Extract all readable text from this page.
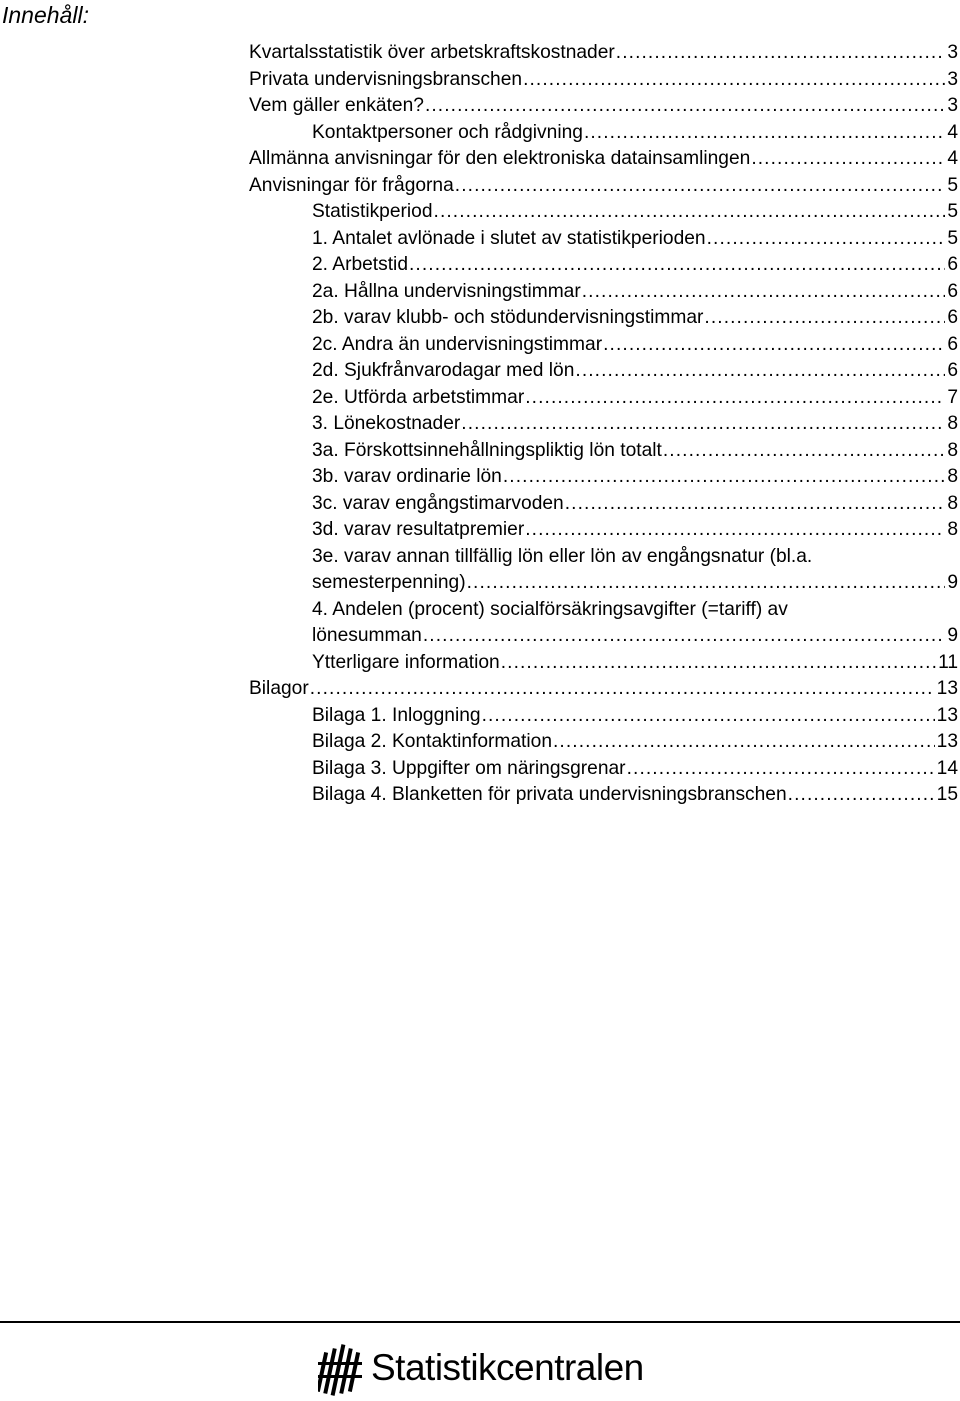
Innehåll:
Kvartalsstatistik över arbetskraftskostnader .....	3
Privata undervisningsbranschen .....	3
Vem gäller enkäten? .....	3
Kontaktpersoner och rådgivning .....	4
Allmänna anvisningar för den elektroniska datainsamlingen .....	4
Anvisningar för frågorna .....	5
Statistikperiod .....	5
1. Antalet avlönade i slutet av statistikperioden .....	5
2. Arbetstid .....	6
2a. Hållna undervisningstimmar .....	6
2b. varav klubb- och stödundervisningstimmar .....	6
2c. Andra än undervisningstimmar .....	6
2d. Sjukfrånvarodagar med lön .....	6
2e. Utförda arbetstimmar .....	7
3. Lönekostnader .....	8
3a. Förskottsinnehållningspliktig lön totalt .....	8
3b. varav ordinarie lön .....	8
3c. varav engångstimarvoden .....	8
3d. varav resultatpremier .....	8
3e. varav annan tillfällig lön eller lön av engångsnatur (bl.a.
semesterpenning) .....	9
4. Andelen (procent) socialförsäkringsavgifter (=tariff) av
lönesumman .....	9
Ytterligare information .....	11
Bilagor .....	13
Bilaga 1. Inloggning .....	13
Bilaga 2. Kontaktinformation .....	13
Bilaga 3. Uppgifter om näringsgrenar .....	14
Bilaga 4. Blanketten för privata undervisningsbranschen .....	15
Statistikcentralen
